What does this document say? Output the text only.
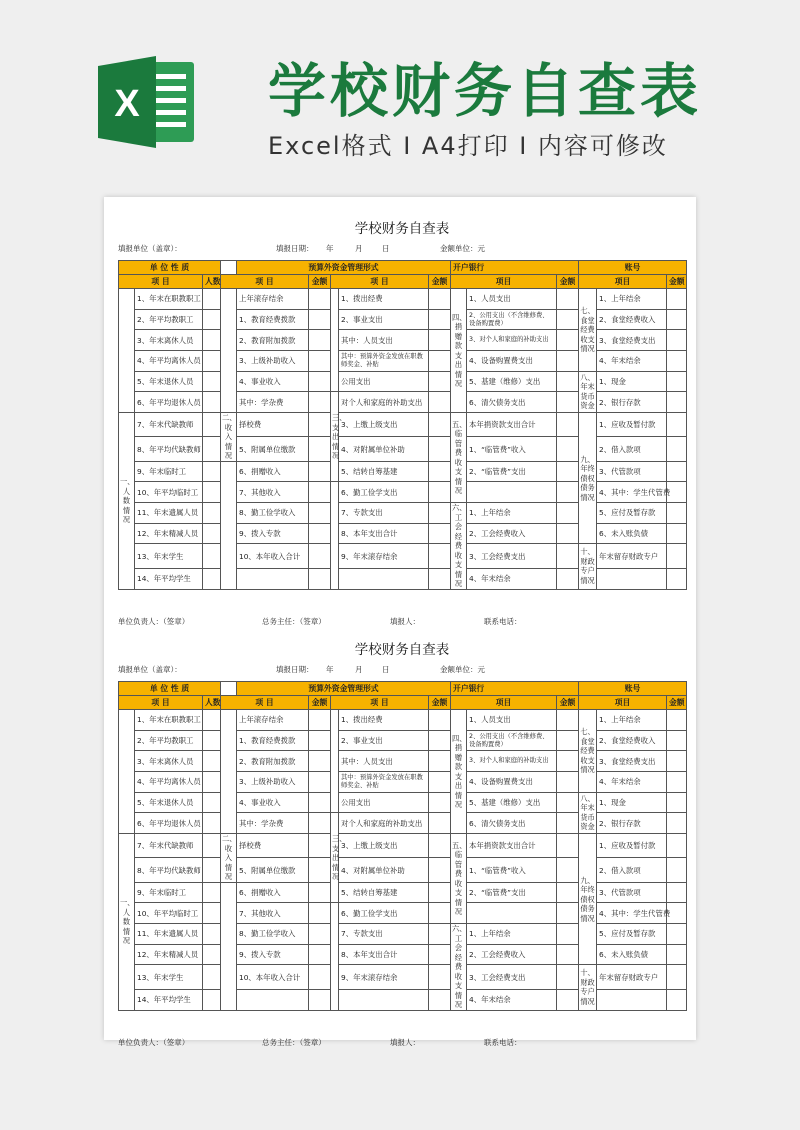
X 学校财务自查表
Excel格式 I A4打印 I 内容可修改
学校财务自查表
填报单位（盖章）：	填报日期： 年	月	日	金额单位：元
单 位 性 质				预算外资金管理形式					开户银行			账号		
项 目		人数	项 目		金额	项 目		金额	项目		金额	项目		金额
	1、年末在职教职工			上年滚存结余			1、拨出经费		四、捐赠款支出情况	1、人员支出		七、食堂经费收支情况	1、上年结余	
	2、年平均教职工			1、教育经费拨款			2、事业支出			2、公用支出（不含维修费、设备购置费）			2、食堂经费收入	
	3、年末离休人员			2、教育附加拨款			其中：人员支出			3、对个人和家庭的补助支出			3、食堂经费支出	
	4、年平均离休人员			3、上级补助收入			其中：预算外资金发放在职教师奖金、补贴			4、设备购置费支出			4、年末结余	
	5、年末退休人员			4、事业收入			公用支出			5、基建（维修）支出		八、年末货币资金	1、现金	
	6、年平均退休人员			其中：学杂费		三、支出情况	对个人和家庭的补助支出			6、清欠债务支出			2、银行存款	
一、人数情况	7、年末代缺教师		二、收入情况	择校费			3、上缴上级支出		五、临管费收支情况	本年捐资款支出合计		九、年终债权债务情况	1、应收及暂付款	
	8、年平均代缺教师			5、附属单位缴款			4、对附属单位补助			1、“临管费”收入			2、借入款项	
	9、年末临时工			6、捐赠收入			5、结转自筹基建			2、“临管费”支出			3、代管款项	
	10、年平均临时工			7、其他收入			6、勤工俭学支出						4、其中：学生代管费	
	11、年末遗属人员			8、勤工俭学收入			7、专款支出		六、工会经费收支情况	1、上年结余			5、应付及暂存款	
	12、年末精减人员			9、拨入专款			8、本年支出合计			2、工会经费收入			6、未入账负债	
	13、年末学生			10、本年收入合计			9、年末滚存结余			3、工会经费支出		十、财政专户情况	年末留存财政专户	
	14、年平均学生									4、年末结余				
单位负责人：（签章）	总务主任：（签章）	填报人：	联系电话：
学校财务自查表
填报单位（盖章）：	填报日期： 年	月	日	金额单位：元
单 位 性 质				预算外资金管理形式					开户银行			账号		
项 目		人数	项 目		金额	项 目		金额	项目		金额	项目		金额
	1、年末在职教职工			上年滚存结余			1、拨出经费		四、捐赠款支出情况	1、人员支出		七、食堂经费收支情况	1、上年结余	
	2、年平均教职工			1、教育经费拨款			2、事业支出			2、公用支出（不含维修费、设备购置费）			2、食堂经费收入	
	3、年末离休人员			2、教育附加拨款			其中：人员支出			3、对个人和家庭的补助支出			3、食堂经费支出	
	4、年平均离休人员			3、上级补助收入			其中：预算外资金发放在职教师奖金、补贴			4、设备购置费支出			4、年末结余	
	5、年末退休人员			4、事业收入			公用支出			5、基建（维修）支出		八、年末货币资金	1、现金	
	6、年平均退休人员			其中：学杂费		三、支出情况	对个人和家庭的补助支出			6、清欠债务支出			2、银行存款	
一、人数情况	7、年末代缺教师		二、收入情况	择校费			3、上缴上级支出		五、临管费收支情况	本年捐资款支出合计		九、年终债权债务情况	1、应收及暂付款	
	8、年平均代缺教师			5、附属单位缴款			4、对附属单位补助			1、“临管费”收入			2、借入款项	
	9、年末临时工			6、捐赠收入			5、结转自筹基建			2、“临管费”支出			3、代管款项	
	10、年平均临时工			7、其他收入			6、勤工俭学支出						4、其中：学生代管费	
	11、年末遗属人员			8、勤工俭学收入			7、专款支出		六、工会经费收支情况	1、上年结余			5、应付及暂存款	
	12、年末精减人员			9、拨入专款			8、本年支出合计			2、工会经费收入			6、未入账负债	
	13、年末学生			10、本年收入合计			9、年末滚存结余			3、工会经费支出		十、财政专户情况	年末留存财政专户	
	14、年平均学生									4、年末结余				
单位负责人：（签章）	总务主任：（签章）	填报人：	联系电话：
